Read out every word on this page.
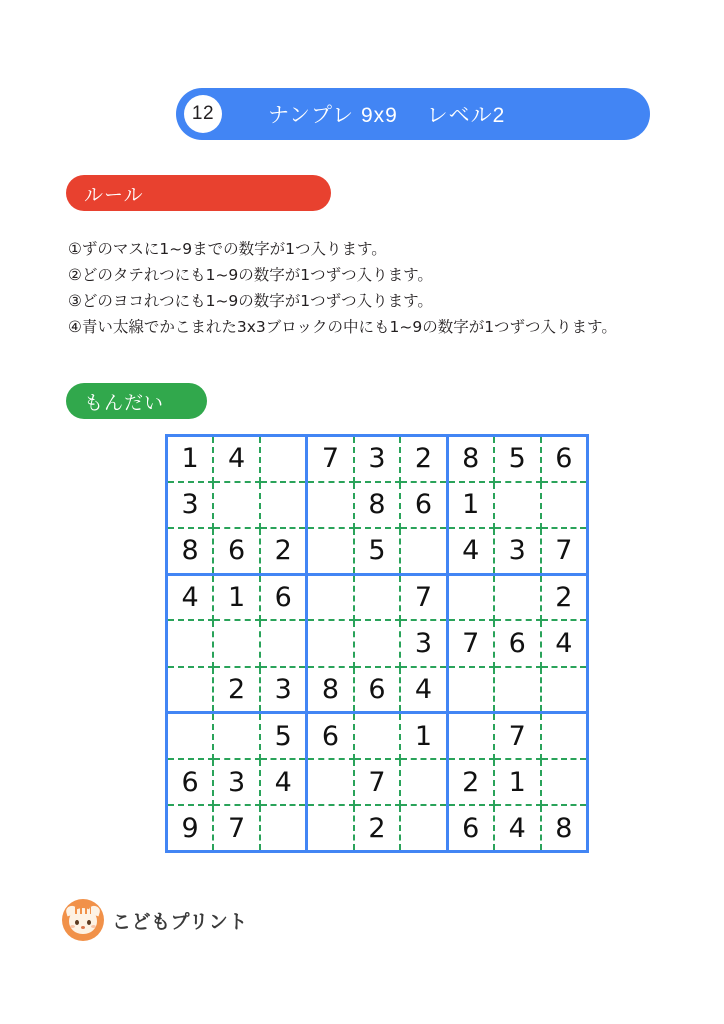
12	ナンプレ 9x9　 レベル2
ルール
①ずのマスに1~9までの数字が1つ入ります。
②どのタテれつにも1~9の数字が1つずつ入ります。
③どのヨコれつにも1~9の数字が1つずつ入ります。
④青い太線でかこまれた3x3ブロックの中にも1~9の数字が1つずつ入ります。
もんだい
1	4		7	3	2	8	5	6
3				8	6	1		
8	6	2		5		4	3	7
4	1	6			7			2
					3	7	6	4
	2	3	8	6	4			
		5	6		1		7	
6	3	4		7		2	1	
9	7			2		6	4	8
こどもプリント
